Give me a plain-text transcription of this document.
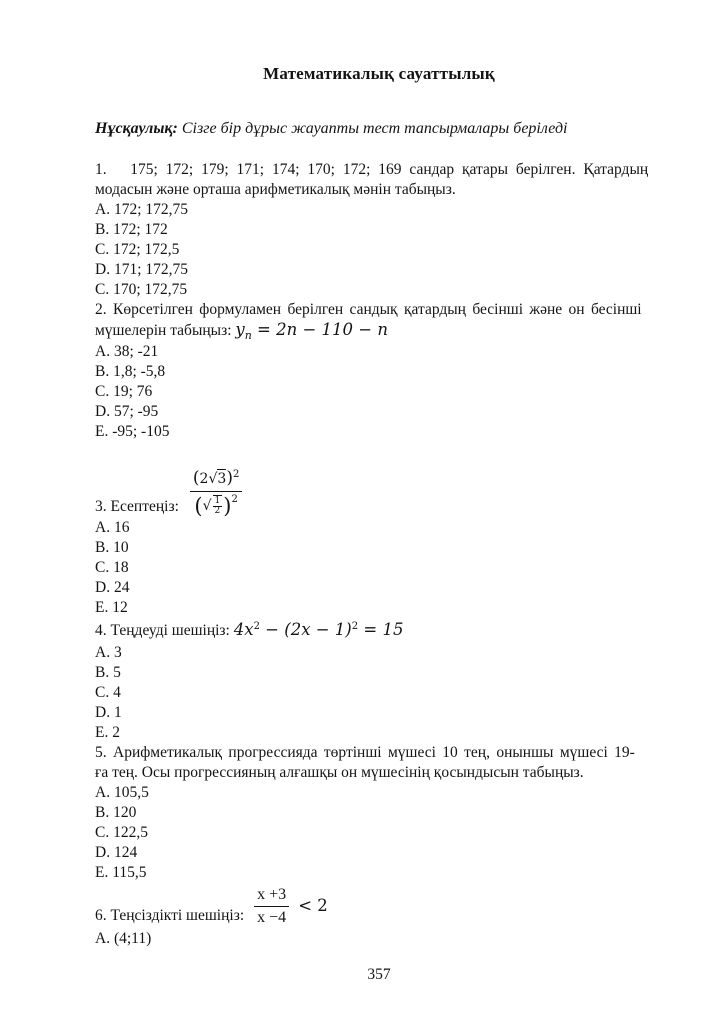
Математикалық сауаттылық
Нұсқаулық: Сізге бір дұрыс жауапты тест тапсырмалары беріледі
1.   175; 172; 179; 171; 174; 170; 172; 169 сандар қатары берілген. Қатардың
модасын және орташа арифметикалық мәнін табыңыз.
A. 172; 172,75
B. 172; 172
C. 172; 172,5
D. 171; 172,75
C. 170; 172,75
2. Көрсетілген формуламен берілген сандық қатардың бесінші және он бесінші
мүшелерін табыңыз: $y_n = 2n - 110 - n$
A. 38; -21
B. 1,8; -5,8
C. 19; 76
D. 57; -95
E. -95; -105
3. Есептеңіз: $(2√3)^2$
( √ 1
2 ) 2
A. 16
B. 10
C. 18
D. 24
E. 12
4. Теңдеуді шешіңіз: $4x^2 - (2x - 1)^2 = 15$
A. 3
B. 5
C. 4
D. 1
E. 2
5. Арифметикалық прогрессияда төртінші мүшесі 10 тең, оныншы мүшесі 19-
ға тең. Осы прогрессияның алғашқы он мүшесінің қосындысын табыңыз.
A. 105,5
B. 120
C. 122,5
D. 124
E. 115,5
6. Теңсіздікті шешіңіз: $\frac{x +3}{x -4} < 2$
A. (4;11)
357
